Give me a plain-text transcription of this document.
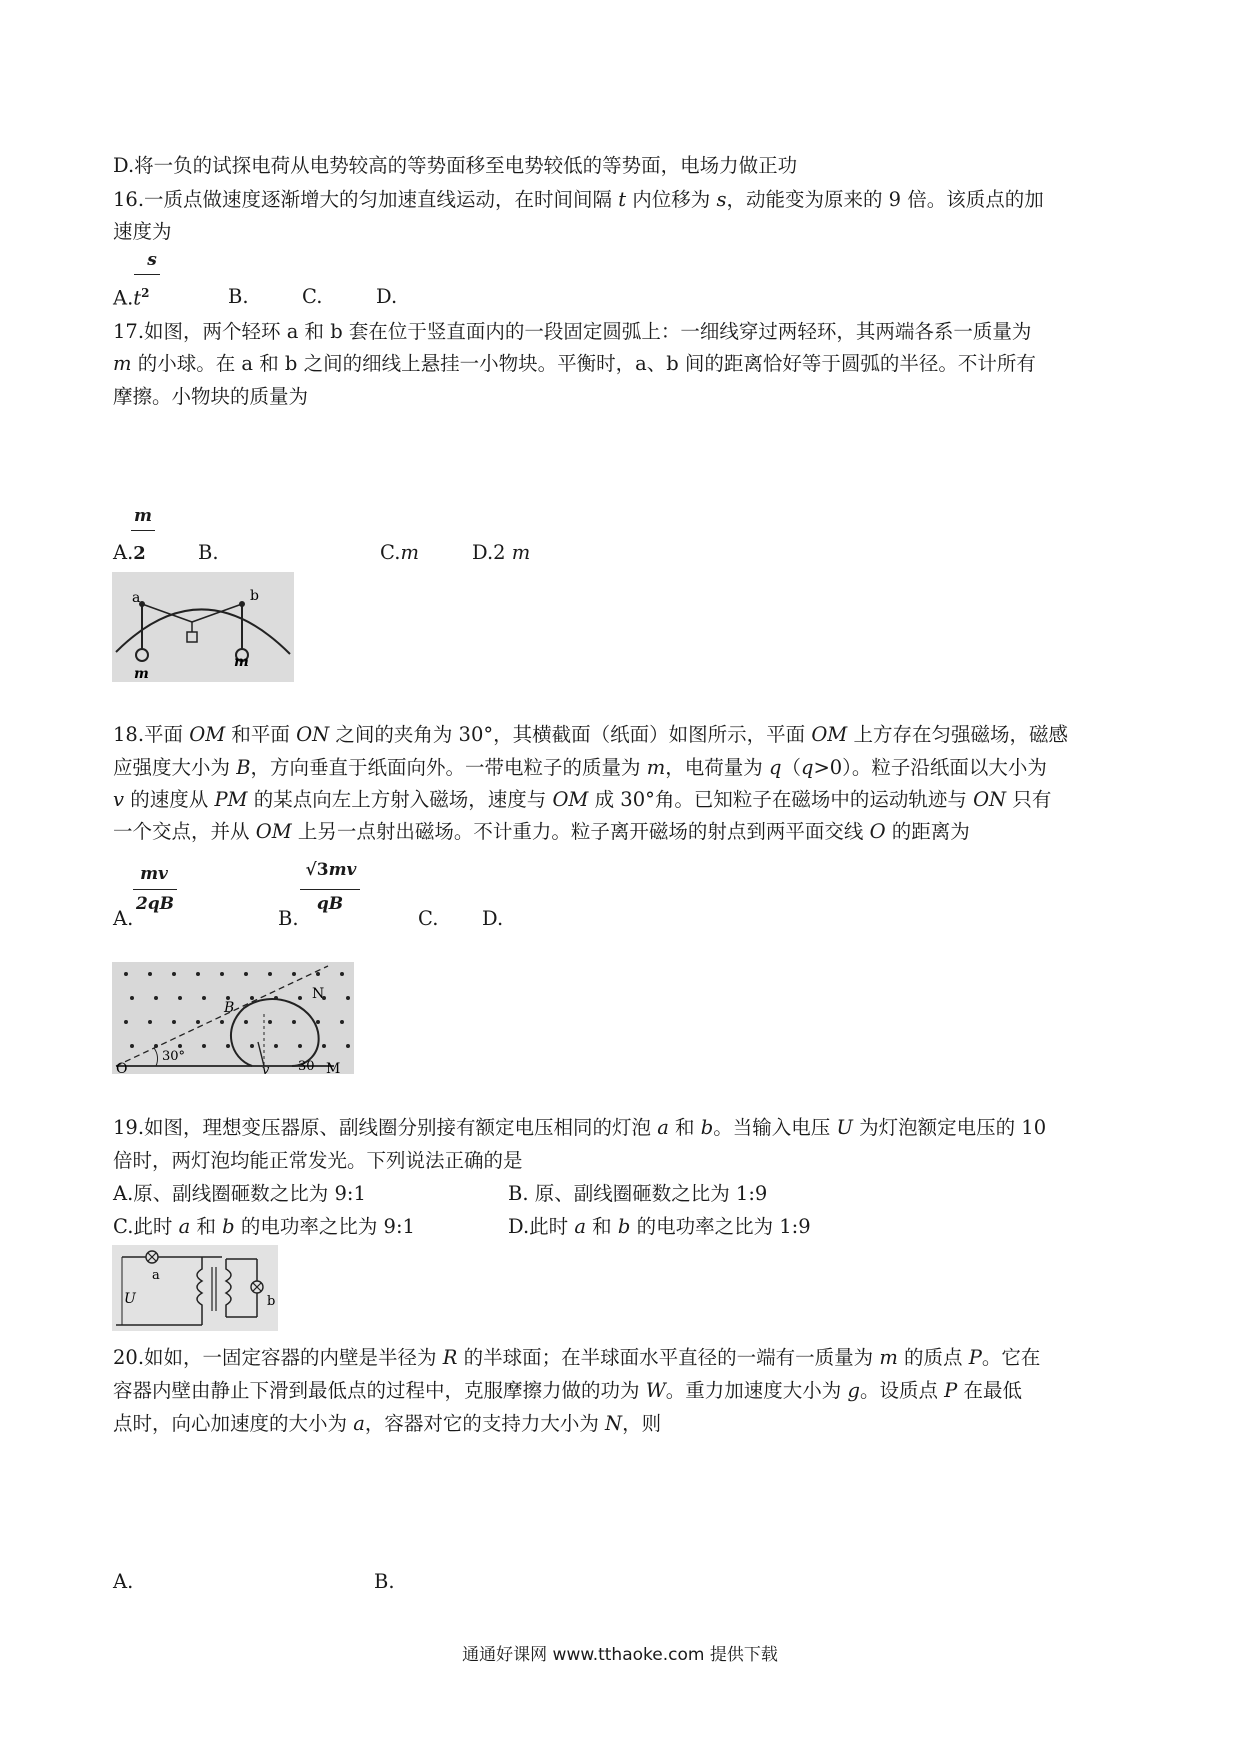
D.将一负的试探电荷从电势较高的等势面移至电势较低的等势面，电场力做正功
16.一质点做速度逐渐增大的匀加速直线运动，在时间间隔 t 内位移为 s，动能变为原来的 9 倍。该质点的加
速度为
s
$A.t^2$	B.	C.	D.
17.如图，两个轻环 a 和 b 套在位于竖直面内的一段固定圆弧上：一细线穿过两轻环，其两端各系一质量为
m 的小球。在 a 和 b 之间的细线上悬挂一小物块。平衡时，a、b 间的距离恰好等于圆弧的半径。不计所有
摩擦。小物块的质量为
m
A.2	B.	C.m	D.2 m
a	b
m
m
18.平面 OM 和平面 ON 之间的夹角为 30°，其横截面（纸面）如图所示，平面 OM 上方存在匀强磁场，磁感
应强度大小为 B，方向垂直于纸面向外。一带电粒子的质量为 m，电荷量为 q（q>0）。粒子沿纸面以大小为
v 的速度从 PM 的某点向左上方射入磁场，速度与 OM 成 30°角。已知粒子在磁场中的运动轨迹与 ON 只有
一个交点，并从 OM 上另一点射出磁场。不计重力。粒子离开磁场的射点到两平面交线 O 的距离为
mv
2qB
A.
√3mv
qB
B.	C. D.
O	M
N
B
v
30°
30
19.如图，理想变压器原、副线圈分别接有额定电压相同的灯泡 a 和 b。当输入电压 U 为灯泡额定电压的 10
倍时，两灯泡均能正常发光。下列说法正确的是
A.原、副线圈砸数之比为 9:1	B. 原、副线圈砸数之比为 1:9
C.此时 a 和 b 的电功率之比为 9:1	D.此时 a 和 b 的电功率之比为 1:9
U
a
b
20.如如，一固定容器的内壁是半径为 R 的半球面；在半球面水平直径的一端有一质量为 m 的质点 P。它在
容器内壁由静止下滑到最低点的过程中，克服摩擦力做的功为 W。重力加速度大小为 g。设质点 P 在最低
点时，向心加速度的大小为 a，容器对它的支持力大小为 N，则
A.	B.
通通好课网 www.tthaoke.com 提供下载
